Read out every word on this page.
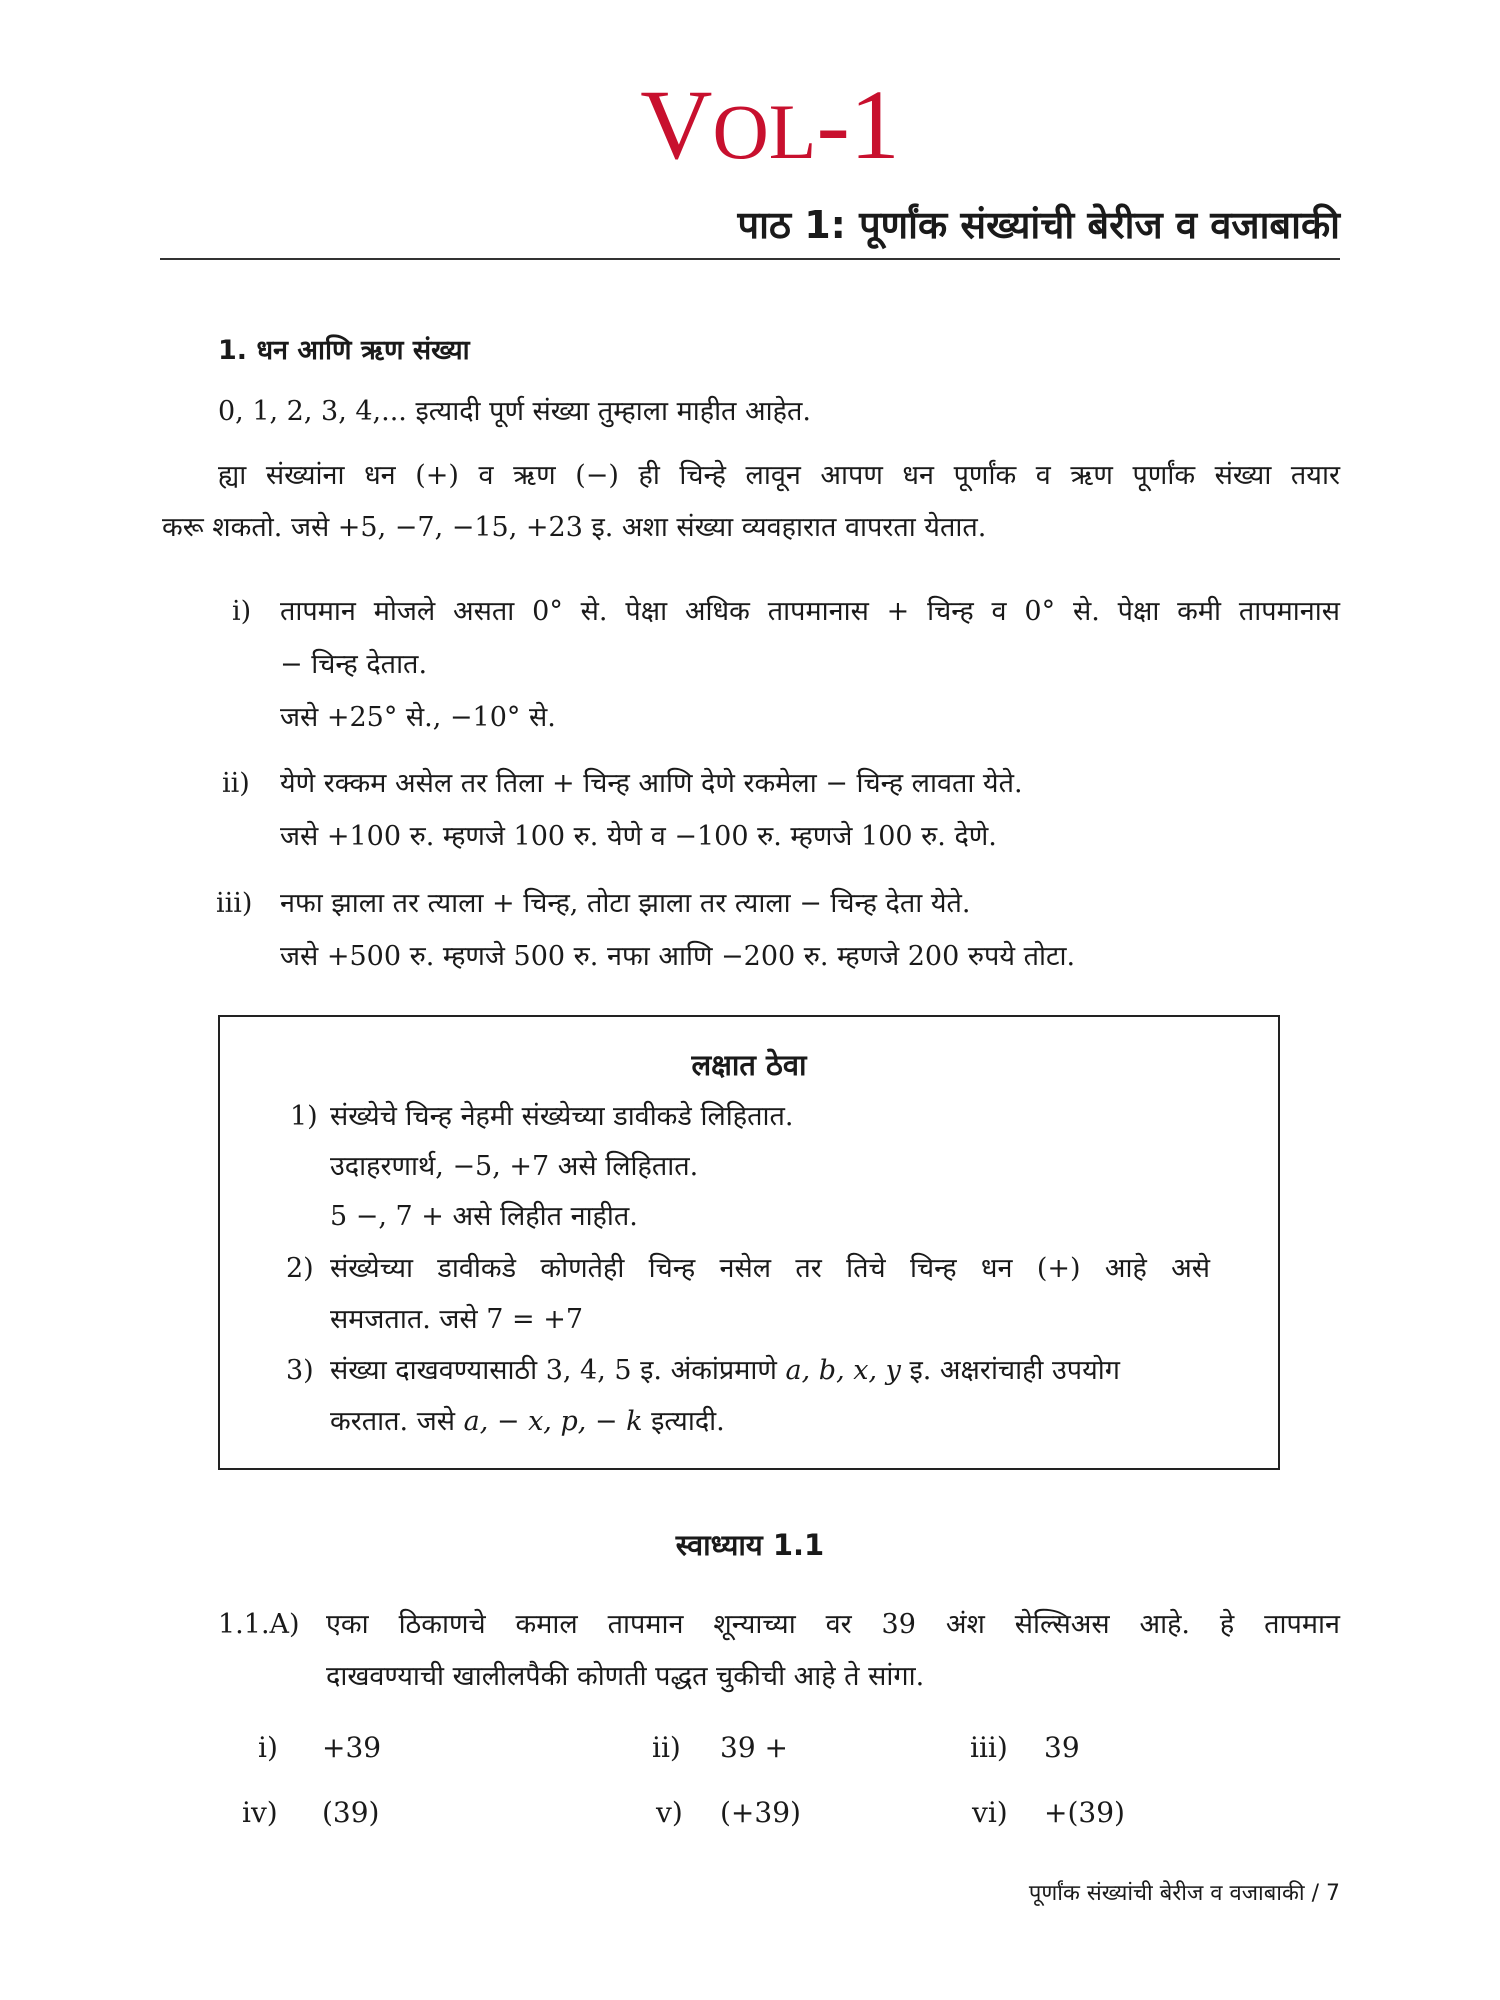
VOL-1
पाठ 1: पूर्णांक संख्यांची बेरीज व वजाबाकी
1. धन आणि ऋण संख्या
0, 1, 2, 3, 4,... इत्यादी पूर्ण संख्या तुम्हाला माहीत आहेत.
ह्या संख्यांना धन (+) व ऋण (−) ही चिन्हे लावून आपण धन पूर्णांक व ऋण पूर्णांक संख्या तयार
करू शकतो. जसे +5, −7, −15, +23 इ. अशा संख्या व्यवहारात वापरता येतात.
i) तापमान मोजले असता 0° से. पेक्षा अधिक तापमानास + चिन्ह व 0° से. पेक्षा कमी तापमानास
− चिन्ह देतात.
जसे +25° से., −10° से.
ii) येणे रक्कम असेल तर तिला + चिन्ह आणि देणे रकमेला − चिन्ह लावता येते.
जसे +100 रु. म्हणजे 100 रु. येणे व −100 रु. म्हणजे 100 रु. देणे.
iii) नफा झाला तर त्याला + चिन्ह, तोटा झाला तर त्याला − चिन्ह देता येते.
जसे +500 रु. म्हणजे 500 रु. नफा आणि −200 रु. म्हणजे 200 रुपये तोटा.
लक्षात ठेवा
1) संख्येचे चिन्ह नेहमी संख्येच्या डावीकडे लिहितात.
उदाहरणार्थ, −5, +7 असे लिहितात.
5 −, 7 + असे लिहीत नाहीत.
2) संख्येच्या डावीकडे कोणतेही चिन्ह नसेल तर तिचे चिन्ह धन (+) आहे असे
समजतात. जसे 7 = +7
3) संख्या दाखवण्यासाठी 3, 4, 5 इ. अंकांप्रमाणे a, b, x, y इ. अक्षरांचाही उपयोग
करतात. जसे a, − x, p, − k इत्यादी.
स्वाध्याय 1.1
1.1.A) एका ठिकाणचे कमाल तापमान शून्याच्या वर 39 अंश सेल्सिअस आहे. हे तापमान
दाखवण्याची खालीलपैकी कोणती पद्धत चुकीची आहे ते सांगा.
i) +39	ii) 39 +	iii) 39
iv) (39)	v) (+39)	vi) +(39)
पूर्णांक संख्यांची बेरीज व वजाबाकी / 7
